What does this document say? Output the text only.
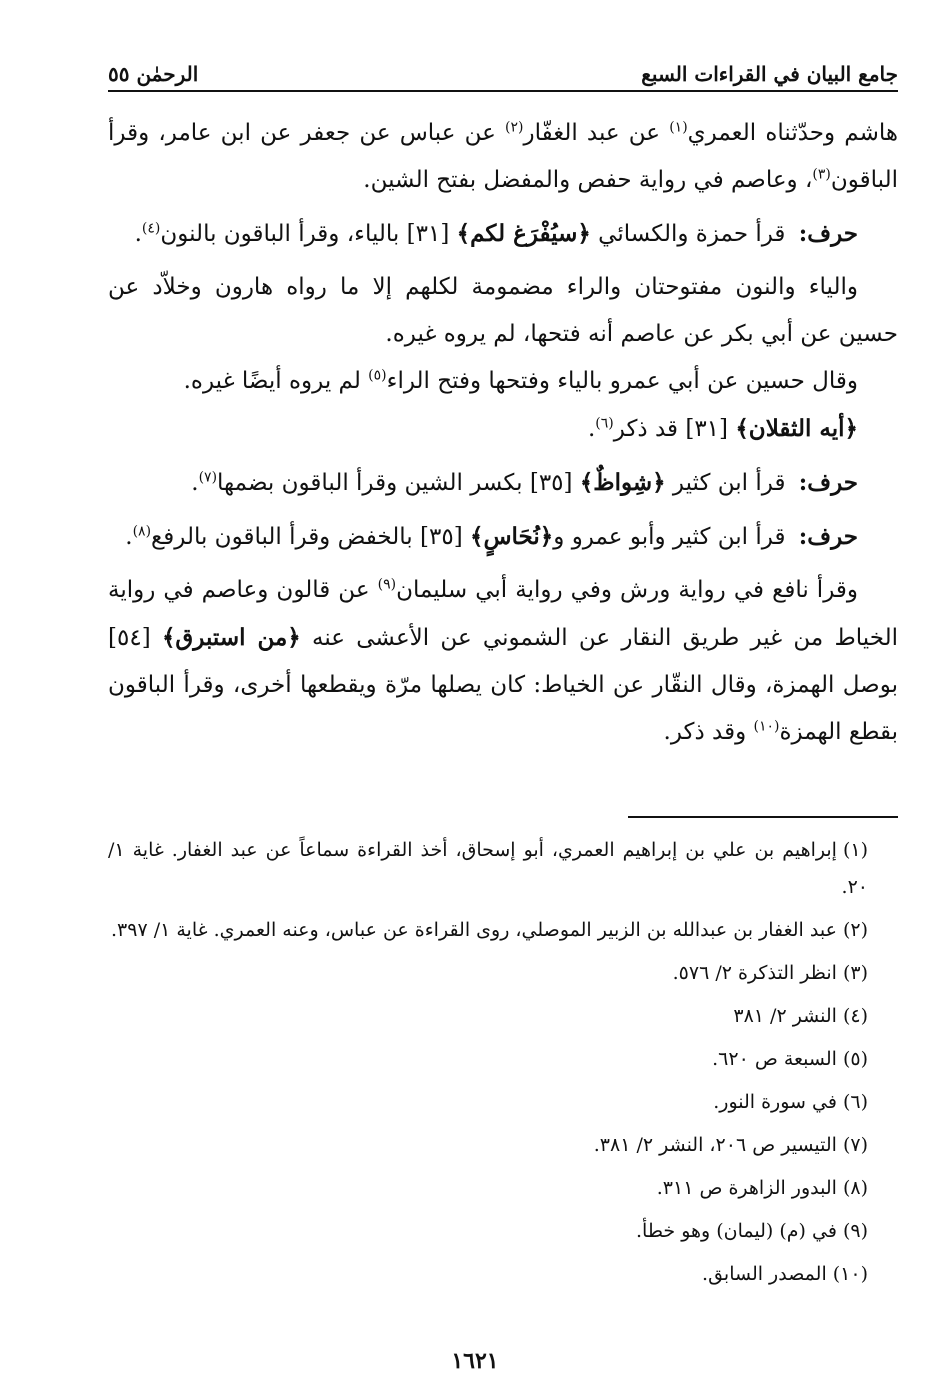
جامع البيان في القراءات السبع
الرحمٰن ٥٥

هاشم وحدّثناه العمري$^{(١)}$ عن عبد الغفّار$^{(٢)}$ عن عباس عن جعفر عن ابن عامر، وقرأ الباقون$^{(٣)}$، وعاصم في رواية حفص والمفضل بفتح الشين.

حرف: قرأ حمزة والكسائي ﴿سيُفْرَغ لكم﴾ [٣١] بالياء، وقرأ الباقون بالنون$^{(٤)}$.

والياء والنون مفتوحتان والراء مضمومة لكلهم إلا ما رواه هارون وخلاّد عن حسين عن أبي بكر عن عاصم أنه فتحها، لم يروه غيره.

وقال حسين عن أبي عمرو بالياء وفتحها وفتح الراء$^{(٥)}$ لم يروه أيضًا غيره.

﴿أيه الثقلان﴾ [٣١] قد ذكر$^{(٦)}$.

حرف: قرأ ابن كثير ﴿شِواظٌ﴾ [٣٥] بكسر الشين وقرأ الباقون بضمها$^{(٧)}$.

حرف: قرأ ابن كثير وأبو عمرو و﴿نُحَاسٍ﴾ [٣٥] بالخفض وقرأ الباقون بالرفع$^{(٨)}$.

وقرأ نافع في رواية ورش وفي رواية أبي سليمان$^{(٩)}$ عن قالون وعاصم في رواية الخياط من غير طريق النقار عن الشموني عن الأعشى عنه ﴿من استبرق﴾ [٥٤] بوصل الهمزة، وقال النقّار عن الخياط: كان يصلها مرّة ويقطعها أخرى، وقرأ الباقون بقطع الهمزة$^{(١٠)}$ وقد ذكر.

(١)إبراهيم بن علي بن إبراهيم العمري، أبو إسحاق، أخذ القراءة سماعاً عن عبد الغفار. غاية ١/ ٢٠.

(٢)عبد الغفار بن عبدالله بن الزبير الموصلي، روى القراءة عن عباس، وعنه العمري. غاية ١/ ٣٩٧.

(٣)انظر التذكرة ٢/ ٥٧٦.

(٤)النشر ٢/ ٣٨١

(٥)السبعة ص ٦٢٠.

(٦)في سورة النور.

(٧)التيسير ص ٢٠٦، النشر ٢/ ٣٨١.

(٨)البدور الزاهرة ص ٣١١.

(٩)في (م) (ليمان) وهو خطأ.

(١٠)المصدر السابق.

١٦٢١
